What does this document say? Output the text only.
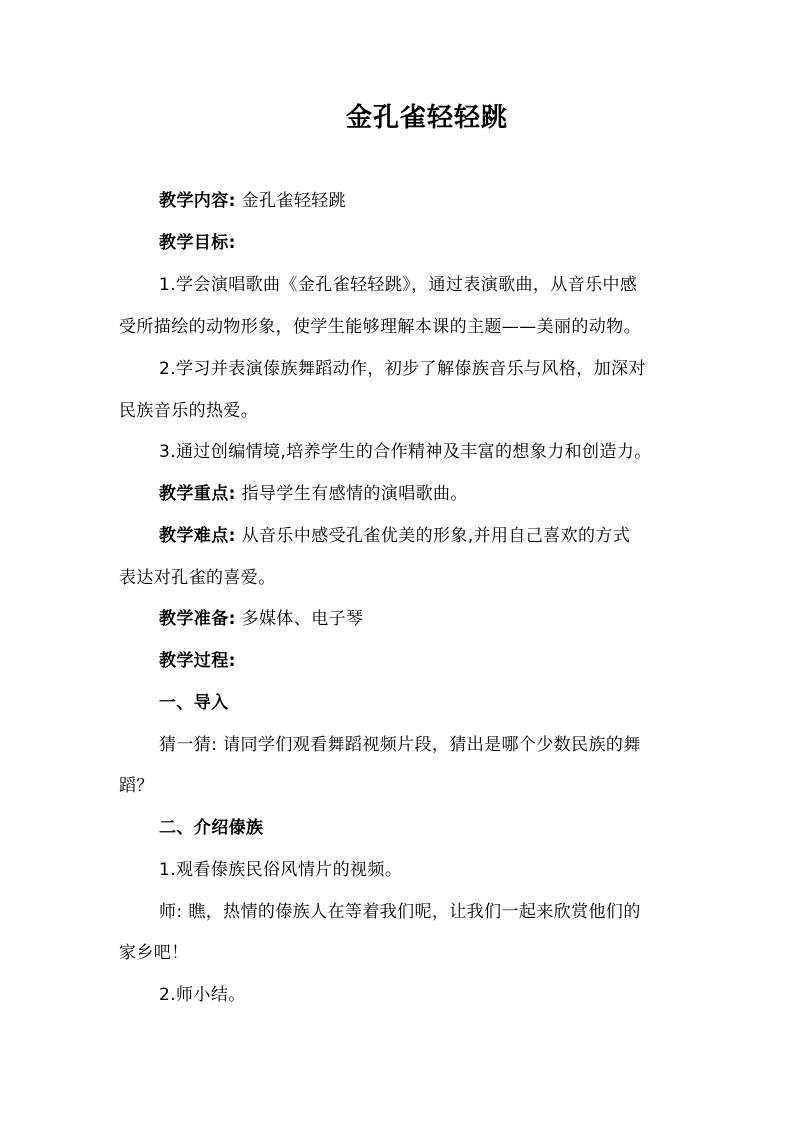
金孔雀轻轻跳
教学内容: 金孔雀轻轻跳
教学目标:
1.学会演唱歌曲《金孔雀轻轻跳》，通过表演歌曲，从音乐中感
受所描绘的动物形象，使学生能够理解本课的主题——美丽的动物。
2.学习并表演傣族舞蹈动作，初步了解傣族音乐与风格，加深对
民族音乐的热爱。
3.通过创编情境,培养学生的合作精神及丰富的想象力和创造力。
教学重点: 指导学生有感情的演唱歌曲。
教学难点: 从音乐中感受孔雀优美的形象,并用自己喜欢的方式
表达对孔雀的喜爱。
教学准备: 多媒体、电子琴
教学过程:
一、导入
猜一猜: 请同学们观看舞蹈视频片段，猜出是哪个少数民族的舞
蹈？
二、介绍傣族
1.观看傣族民俗风情片的视频。
师: 瞧，热情的傣族人在等着我们呢，让我们一起来欣赏他们的
家乡吧！
2.师小结。
